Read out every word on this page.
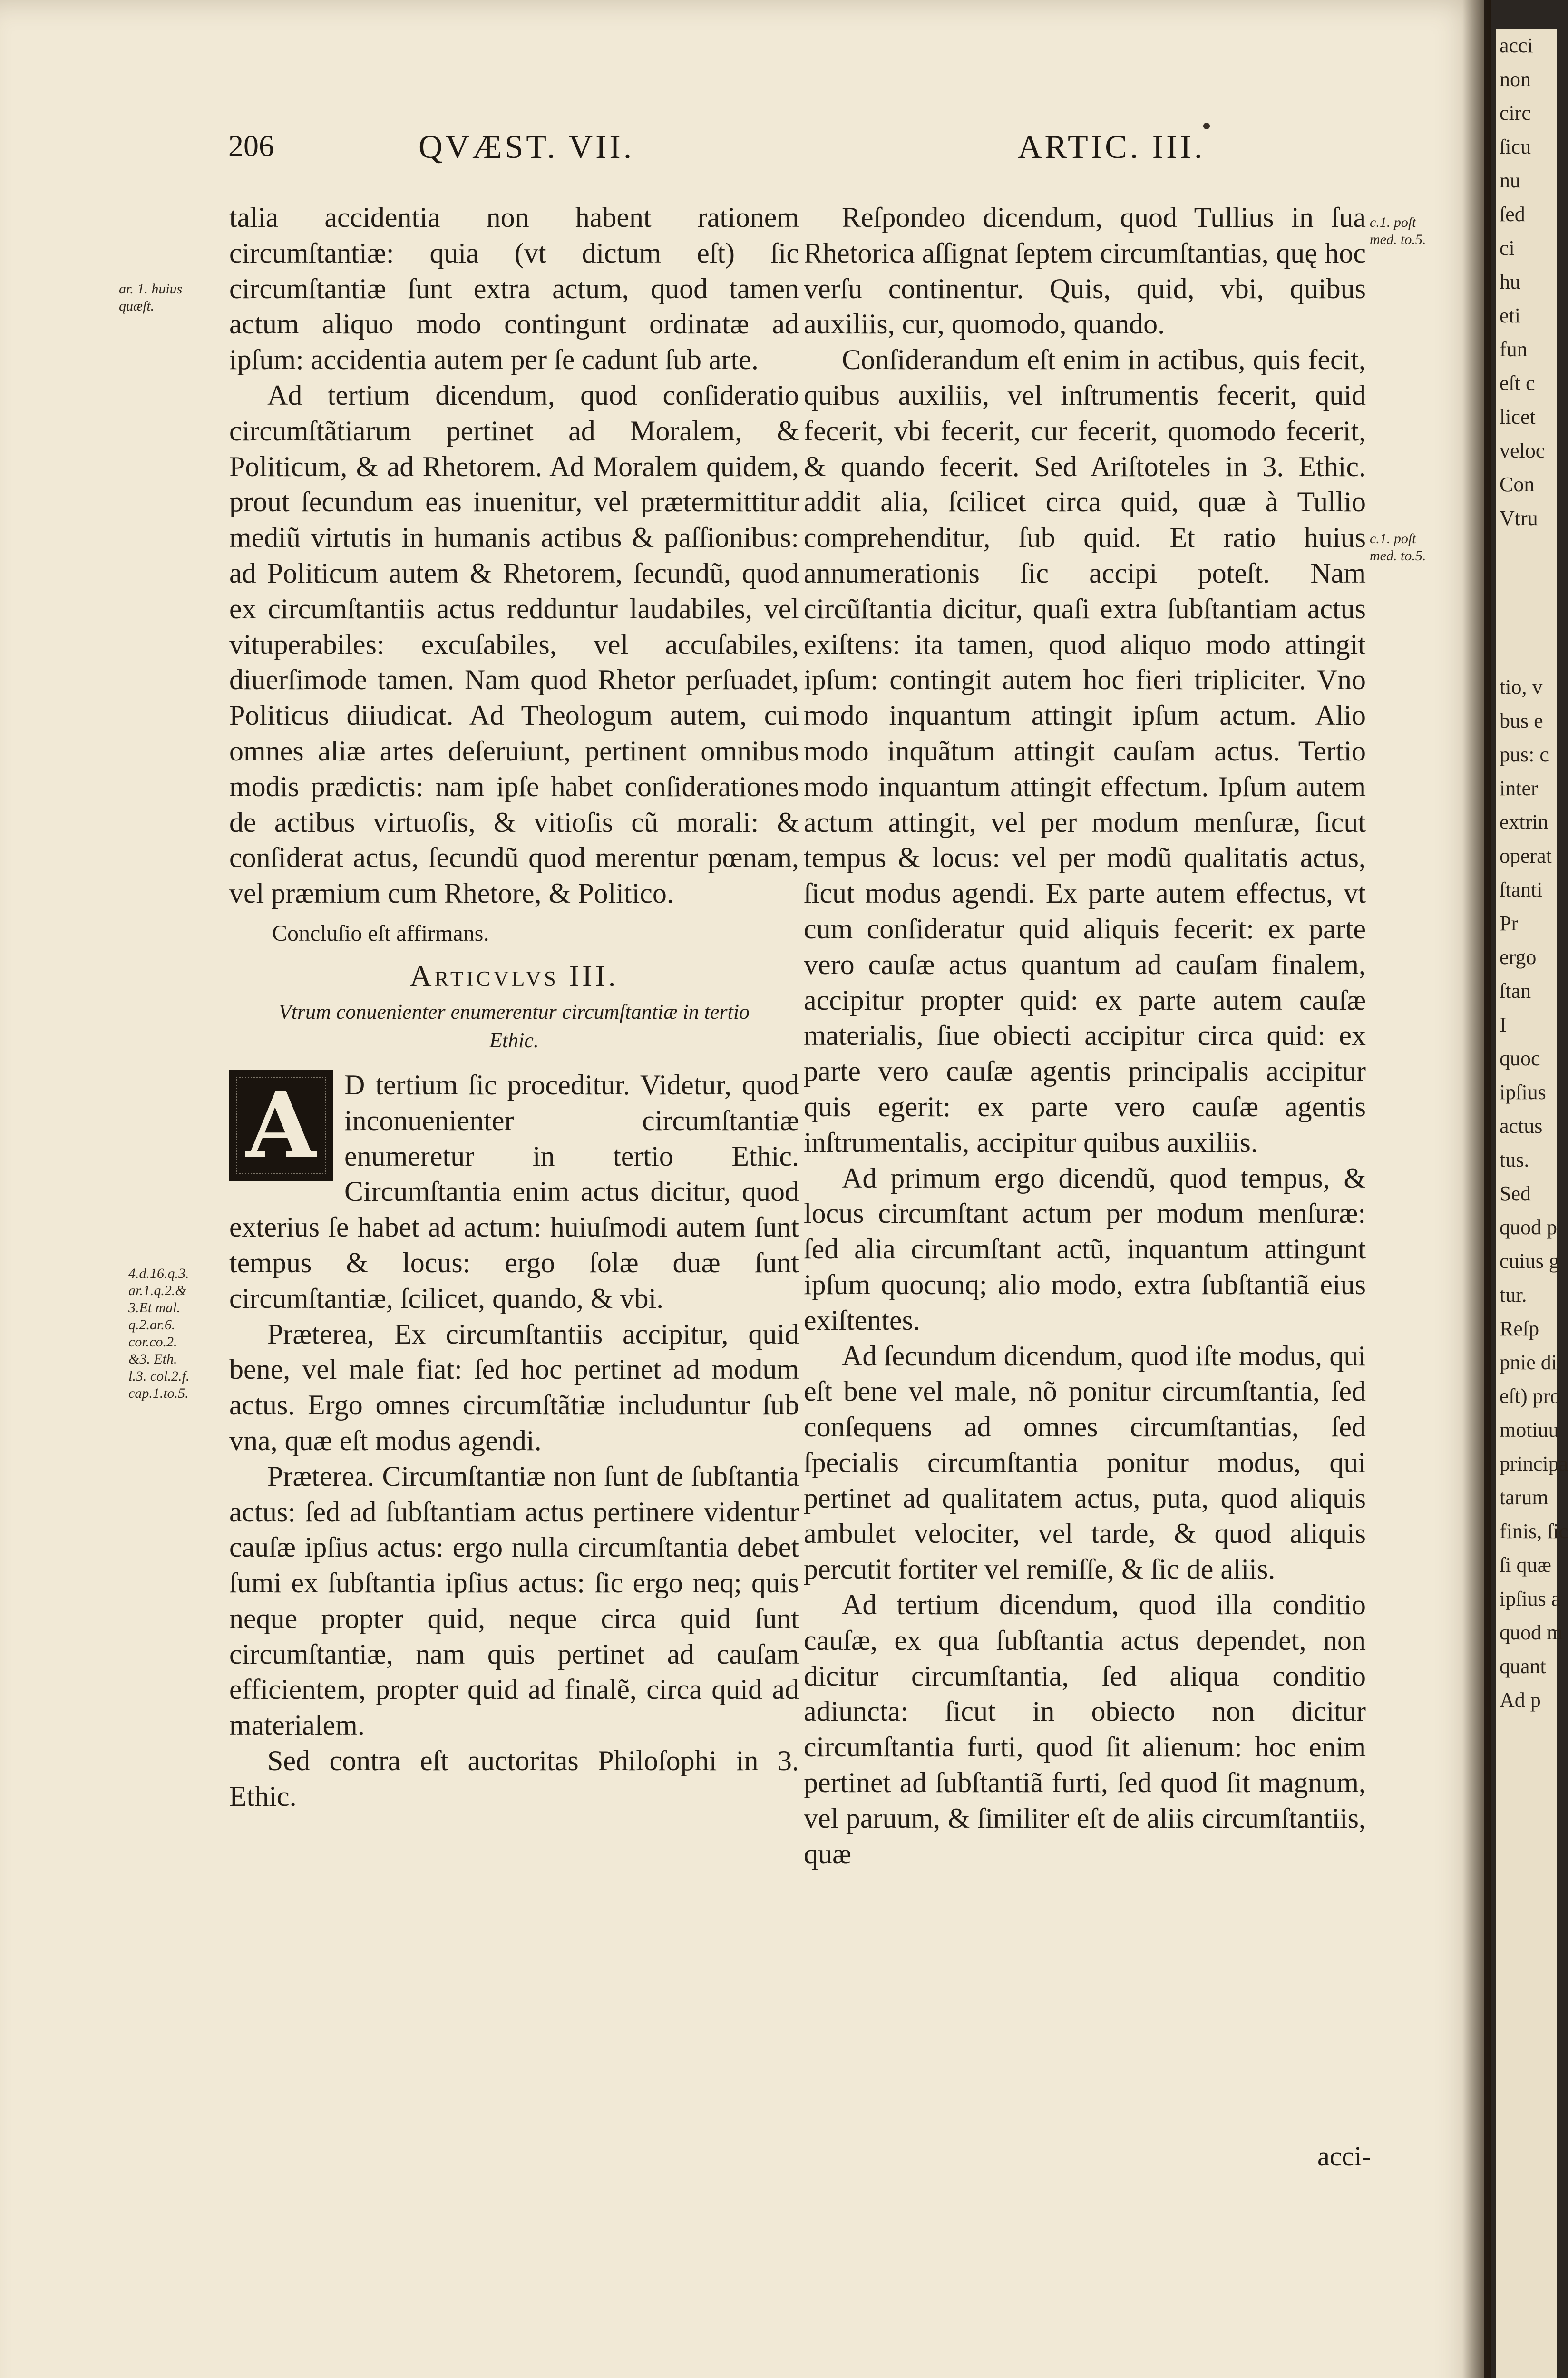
acci
non
circ
ſicu
nu
ſed
ci
hu
eti
fun
eſt c
licet
veloc
Con
Vtru

tio, v
bus e
pus: c
inter
extrin
operat
ſtanti
Pr
ergo
ſtan
I
quoc
ipſius
actus
tus.
Sed
quod p
cuius g
tur.
Reſp
pnie di
eſt) pro
motiuu
principa
tarum
finis, ſic
ſi quæ
ipſius a
quod m
quant
Ad p
206	QVÆST. VII.	ARTIC. III.
ar. 1. huius
quæſt.
4.d.16.q.3.
ar.1.q.2.&
3.Et mal.
q.2.ar.6.
cor.co.2.
&3. Eth.
l.3. col.2.f.
cap.1.to.5.
c.1. poſt
med. to.5.
c.1. poſt
med. to.5.

talia accidentia non habent rationem circumſtantiæ: quia (vt dictum eſt) ſic circumſtantiæ ſunt extra actum, quod tamen actum aliquo modo contingunt ordinatæ ad ipſum: accidentia autem per ſe cadunt ſub arte.

Ad tertium dicendum, quod conſideratio circumſtãtiarum pertinet ad Moralem, & Politicum, & ad Rhetorem. Ad Moralem quidem, prout ſecundum eas inuenitur, vel prætermittitur mediũ virtutis in humanis actibus & paſſionibus: ad Politicum autem & Rhetorem, ſecundũ, quod ex circumſtantiis actus redduntur laudabiles, vel vituperabiles: excuſabiles, vel accuſabiles, diuerſimode tamen. Nam quod Rhetor perſuadet, Politicus diiudicat. Ad Theologum autem, cui omnes aliæ artes deſeruiunt, pertinent omnibus modis prædictis: nam ipſe habet conſiderationes de actibus virtuoſis, & vitioſis cũ morali: & conſiderat actus, ſecundũ quod merentur pœnam, vel præmium cum Rhetore, & Politico.

Concluſio eſt affirmans.

Articvlvs III.

Vtrum conuenienter enumerentur circumſtantiæ in tertio Ethic.

A D tertium ſic proceditur. Videtur, quod inconuenienter circumſtantiæ enumeretur in tertio Ethic. Circumſtantia enim actus dicitur, quod exterius ſe habet ad actum: huiuſmodi autem ſunt tempus & locus: ergo ſolæ duæ ſunt circumſtantiæ, ſcilicet, quando, & vbi.

Præterea, Ex circumſtantiis accipitur, quid bene, vel male fiat: ſed hoc pertinet ad modum actus. Ergo omnes circumſtãtiæ includuntur ſub vna, quæ eſt modus agendi.

Præterea. Circumſtantiæ non ſunt de ſubſtantia actus: ſed ad ſubſtantiam actus pertinere videntur cauſæ ipſius actus: ergo nulla circumſtantia debet ſumi ex ſubſtantia ipſius actus: ſic ergo neq; quis neque propter quid, neque circa quid ſunt circumſtantiæ, nam quis pertinet ad cauſam efficientem, propter quid ad finalẽ, circa quid ad materialem.

Sed contra eſt auctoritas Philoſophi in 3. Ethic.

Reſpondeo dicendum, quod Tullius in ſua Rhetorica aſſignat ſeptem circumſtantias, quę hoc verſu continentur. Quis, quid, vbi, quibus auxiliis, cur, quomodo, quando.

Conſiderandum eſt enim in actibus, quis fecit, quibus auxiliis, vel inſtrumentis fecerit, quid fecerit, vbi fecerit, cur fecerit, quomodo fecerit, & quando fecerit. Sed Ariſtoteles in 3. Ethic. addit alia, ſcilicet circa quid, quæ à Tullio comprehenditur, ſub quid. Et ratio huius annumerationis ſic accipi poteſt. Nam circũſtantia dicitur, quaſi extra ſubſtantiam actus exiſtens: ita tamen, quod aliquo modo attingit ipſum: contingit autem hoc fieri tripliciter. Vno modo inquantum attingit ipſum actum. Alio modo inquãtum attingit cauſam actus. Tertio modo inquantum attingit effectum. Ipſum autem actum attingit, vel per modum menſuræ, ſicut tempus & locus: vel per modũ qualitatis actus, ſicut modus agendi. Ex parte autem effectus, vt cum conſideratur quid aliquis fecerit: ex parte vero cauſæ actus quantum ad cauſam finalem, accipitur propter quid: ex parte autem cauſæ materialis, ſiue obiecti accipitur circa quid: ex parte vero cauſæ agentis principalis accipitur quis egerit: ex parte vero cauſæ agentis inſtrumentalis, accipitur quibus auxiliis.

Ad primum ergo dicendũ, quod tempus, & locus circumſtant actum per modum menſuræ: ſed alia circumſtant actũ, inquantum attingunt ipſum quocunq; alio modo, extra ſubſtantiã eius exiſtentes.

Ad ſecundum dicendum, quod iſte modus, qui eſt bene vel male, nõ ponitur circumſtantia, ſed conſequens ad omnes circumſtantias, ſed ſpecialis circumſtantia ponitur modus, qui pertinet ad qualitatem actus, puta, quod aliquis ambulet velociter, vel tarde, & quod aliquis percutit fortiter vel remiſſe, & ſic de aliis.

Ad tertium dicendum, quod illa conditio cauſæ, ex qua ſubſtantia actus dependet, non dicitur circumſtantia, ſed aliqua conditio adiuncta: ſicut in obiecto non dicitur circumſtantia furti, quod ſit alienum: hoc enim pertinet ad ſubſtantiã furti, ſed quod ſit magnum, vel paruum, & ſimiliter eſt de aliis circumſtantiis, quæ

acci-
